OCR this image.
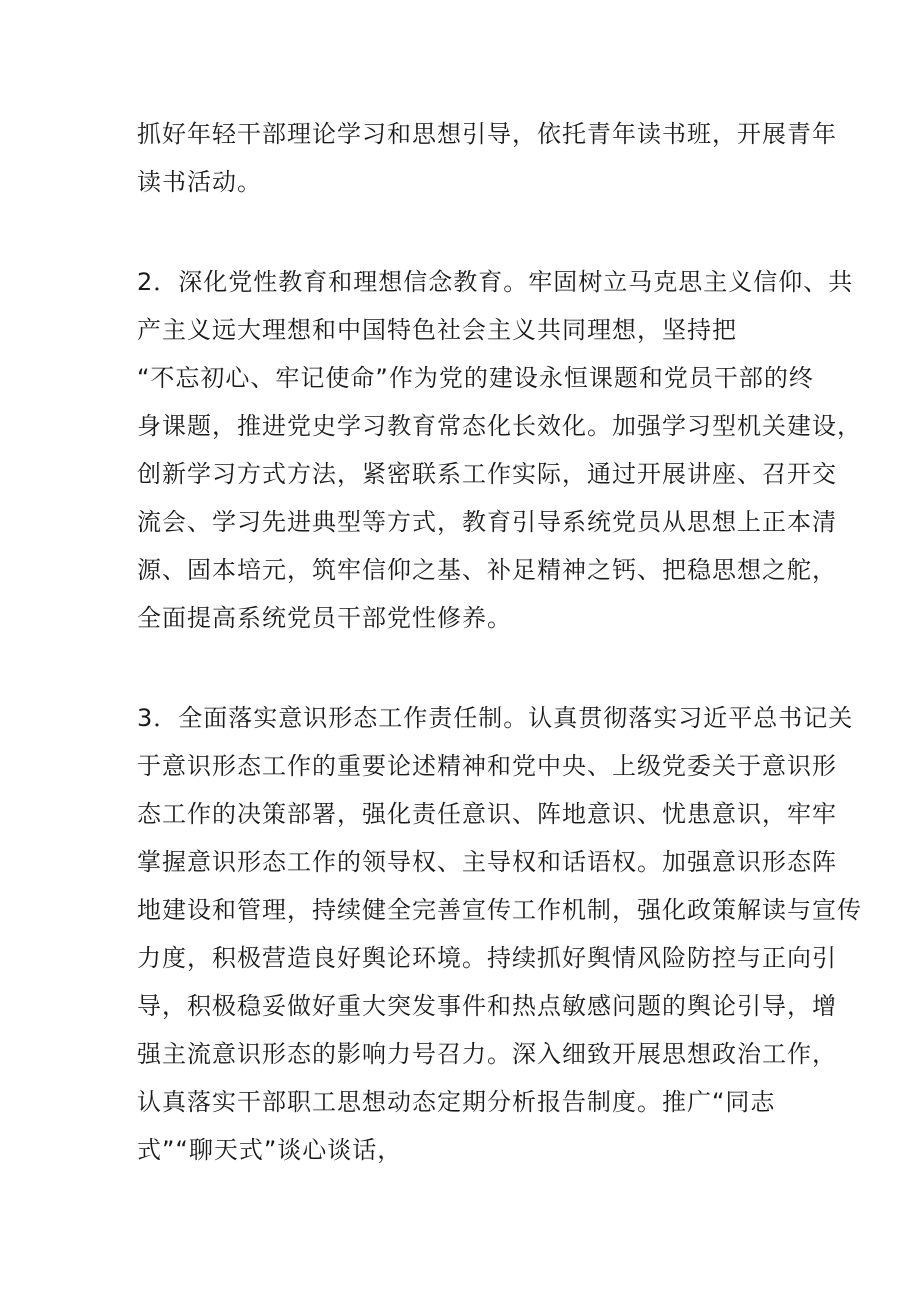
抓好年轻干部理论学习和思想引导，依托青年读书班，开展青年
读书活动。
2．深化党性教育和理想信念教育。牢固树立马克思主义信仰、共
产主义远大理想和中国特色社会主义共同理想，坚持把
“不忘初心、牢记使命”作为党的建设永恒课题和党员干部的终
身课题，推进党史学习教育常态化长效化。加强学习型机关建设，
创新学习方式方法，紧密联系工作实际，通过开展讲座、召开交
流会、学习先进典型等方式，教育引导系统党员从思想上正本清
源、固本培元，筑牢信仰之基、补足精神之钙、把稳思想之舵，
全面提高系统党员干部党性修养。
3．全面落实意识形态工作责任制。认真贯彻落实习近平总书记关
于意识形态工作的重要论述精神和党中央、上级党委关于意识形
态工作的决策部署，强化责任意识、阵地意识、忧患意识，牢牢
掌握意识形态工作的领导权、主导权和话语权。加强意识形态阵
地建设和管理，持续健全完善宣传工作机制，强化政策解读与宣传
力度，积极营造良好舆论环境。持续抓好舆情风险防控与正向引
导，积极稳妥做好重大突发事件和热点敏感问题的舆论引导，增
强主流意识形态的影响力号召力。深入细致开展思想政治工作，
认真落实干部职工思想动态定期分析报告制度。推广“同志
式”“聊天式”谈心谈话，
